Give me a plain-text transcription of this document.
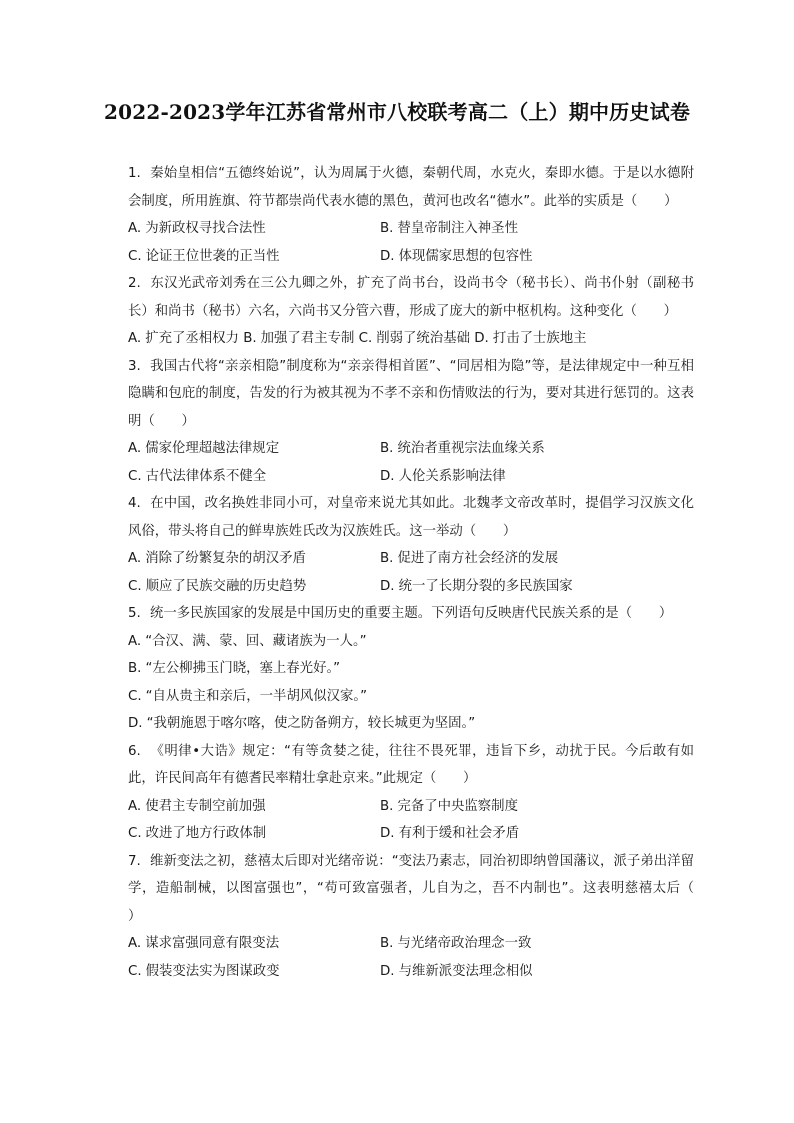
2022-2023学年江苏省常州市八校联考高二（上）期中历史试卷
1. 秦始皇相信“五德终始说”，认为周属于火德，秦朝代周，水克火，秦即水德。于是以水德附会制度，所用旌旗、符节都崇尚代表水德的黑色，黄河也改名“德水”。此举的实质是（　　）
A. 为新政权寻找合法性	B. 替皇帝制注入神圣性
C. 论证王位世袭的正当性	D. 体现儒家思想的包容性
2. 东汉光武帝刘秀在三公九卿之外，扩充了尚书台，设尚书令（秘书长）、尚书仆射（副秘书长）和尚书（秘书）六名，六尚书又分管六曹，形成了庞大的新中枢机构。这种变化（　　）
A. 扩充了丞相权力 B. 加强了君主专制 C. 削弱了统治基础 D. 打击了士族地主
3. 我国古代将“亲亲相隐”制度称为“亲亲得相首匿”、“同居相为隐”等，是法律规定中一种互相隐瞒和包庇的制度，告发的行为被其视为不孝不亲和伤情败法的行为，要对其进行惩罚的。这表明（　　）
A. 儒家伦理超越法律规定	B. 统治者重视宗法血缘关系
C. 古代法律体系不健全	D. 人伦关系影响法律
4. 在中国，改名换姓非同小可，对皇帝来说尤其如此。北魏孝文帝改革时，提倡学习汉族文化风俗，带头将自己的鲜卑族姓氏改为汉族姓氏。这一举动（　　）
A. 消除了纷繁复杂的胡汉矛盾	B. 促进了南方社会经济的发展
C. 顺应了民族交融的历史趋势	D. 统一了长期分裂的多民族国家
5. 统一多民族国家的发展是中国历史的重要主题。下列语句反映唐代民族关系的是（　　）
A. “合汉、满、蒙、回、藏诸族为一人。”
B. “左公柳拂玉门晓，塞上春光好。”
C. “自从贵主和亲后，一半胡风似汉家。”
D. “我朝施恩于喀尔喀，使之防备朔方，较长城更为坚固。”
6. 《明律•大诰》规定：“有等贪婪之徒，往往不畏死罪，违旨下乡，动扰于民。今后敢有如此，许民间高年有德耆民率精壮拿赴京来。”此规定（　　）
A. 使君主专制空前加强	B. 完备了中央监察制度
C. 改进了地方行政体制	D. 有利于缓和社会矛盾
7. 维新变法之初，慈禧太后即对光绪帝说：“变法乃素志，同治初即纳曾国藩议，派子弟出洋留学，造船制械，以图富强也”，“苟可致富强者，儿自为之，吾不内制也”。这表明慈禧太后（　　）
A. 谋求富强同意有限变法	B. 与光绪帝政治理念一致
C. 假装变法实为图谋政变	D. 与维新派变法理念相似
